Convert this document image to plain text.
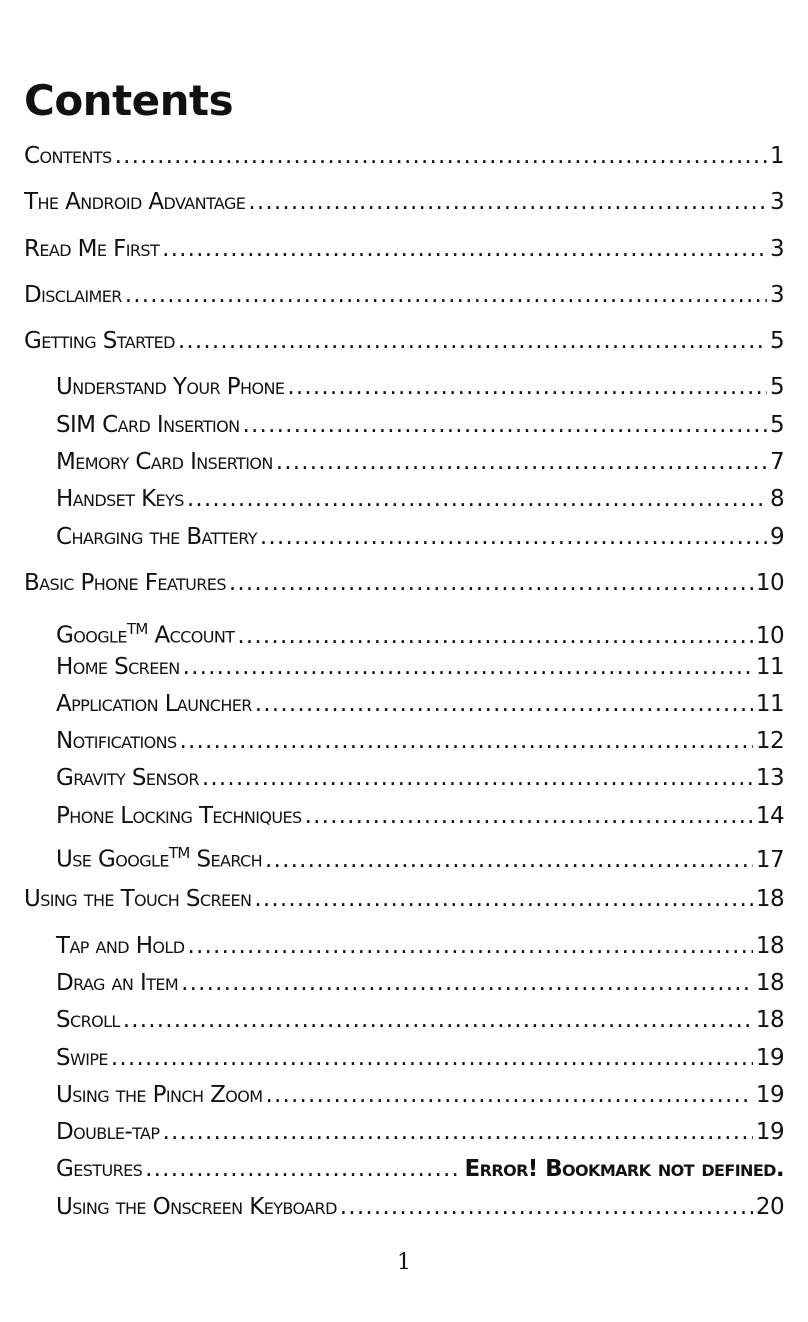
Contents
Contents .....	1
The Android Advantage .....	3
Read Me First .....	3
Disclaimer .....	3
Getting Started .....	5
Understand Your Phone .....	5
SIM Card Insertion .....	5
Memory Card Insertion .....	7
Handset Keys .....	8
Charging the Battery .....	9
Basic Phone Features .....	10
Google™ Account .....	10
Home Screen .....	11
Application Launcher .....	11
Notifications .....	12
Gravity Sensor .....	13
Phone Locking Techniques .....	14
Use Google™ Search .....	17
Using the Touch Screen .....	18
Tap and Hold .....	18
Drag an Item .....	18
Scroll .....	18
Swipe .....	19
Using the Pinch Zoom .....	19
Double-tap .....	19
Gestures .....	Error! Bookmark not defined.
Using the Onscreen Keyboard .....	20
1
